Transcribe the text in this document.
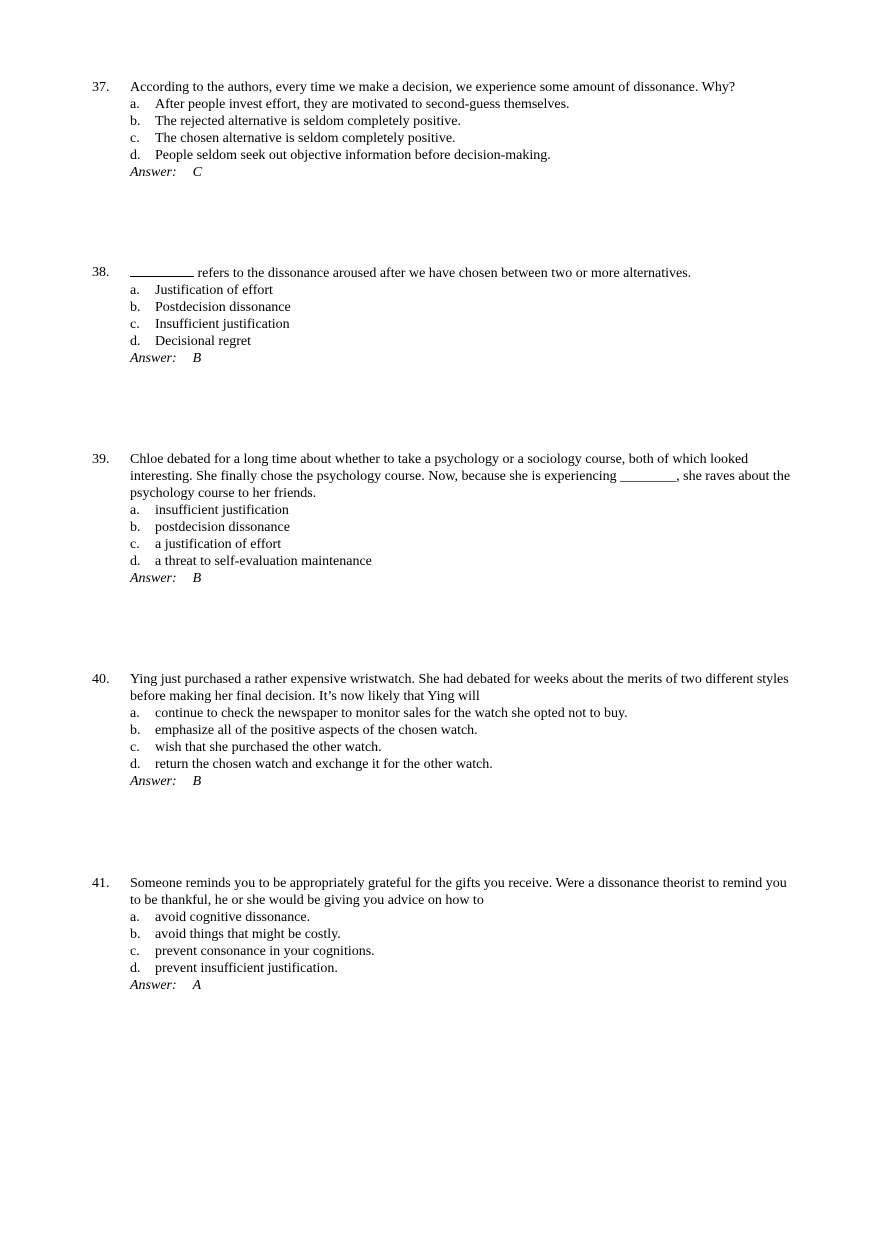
37. According to the authors, every time we make a decision, we experience some amount of dissonance. Why?
a. After people invest effort, they are motivated to second-guess themselves.
b. The rejected alternative is seldom completely positive.
c. The chosen alternative is seldom completely positive.
d. People seldom seek out objective information before decision-making.
Answer: C
38.	refers to the dissonance aroused after we have chosen between two or more alternatives.
a. Justification of effort
b. Postdecision dissonance
c. Insufficient justification
d. Decisional regret
Answer: B
39. Chloe debated for a long time about whether to take a psychology or a sociology course, both of which looked interesting. She finally chose the psychology course. Now, because she is experiencing ________, she raves about the psychology course to her friends.
a. insufficient justification
b. postdecision dissonance
c. a justification of effort
d. a threat to self-evaluation maintenance
Answer: B
40. Ying just purchased a rather expensive wristwatch. She had debated for weeks about the merits of two different styles before making her final decision. It’s now likely that Ying will
a. continue to check the newspaper to monitor sales for the watch she opted not to buy.
b. emphasize all of the positive aspects of the chosen watch.
c. wish that she purchased the other watch.
d. return the chosen watch and exchange it for the other watch.
Answer: B
41. Someone reminds you to be appropriately grateful for the gifts you receive. Were a dissonance theorist to remind you to be thankful, he or she would be giving you advice on how to
a. avoid cognitive dissonance.
b. avoid things that might be costly.
c. prevent consonance in your cognitions.
d. prevent insufficient justification.
Answer: A
